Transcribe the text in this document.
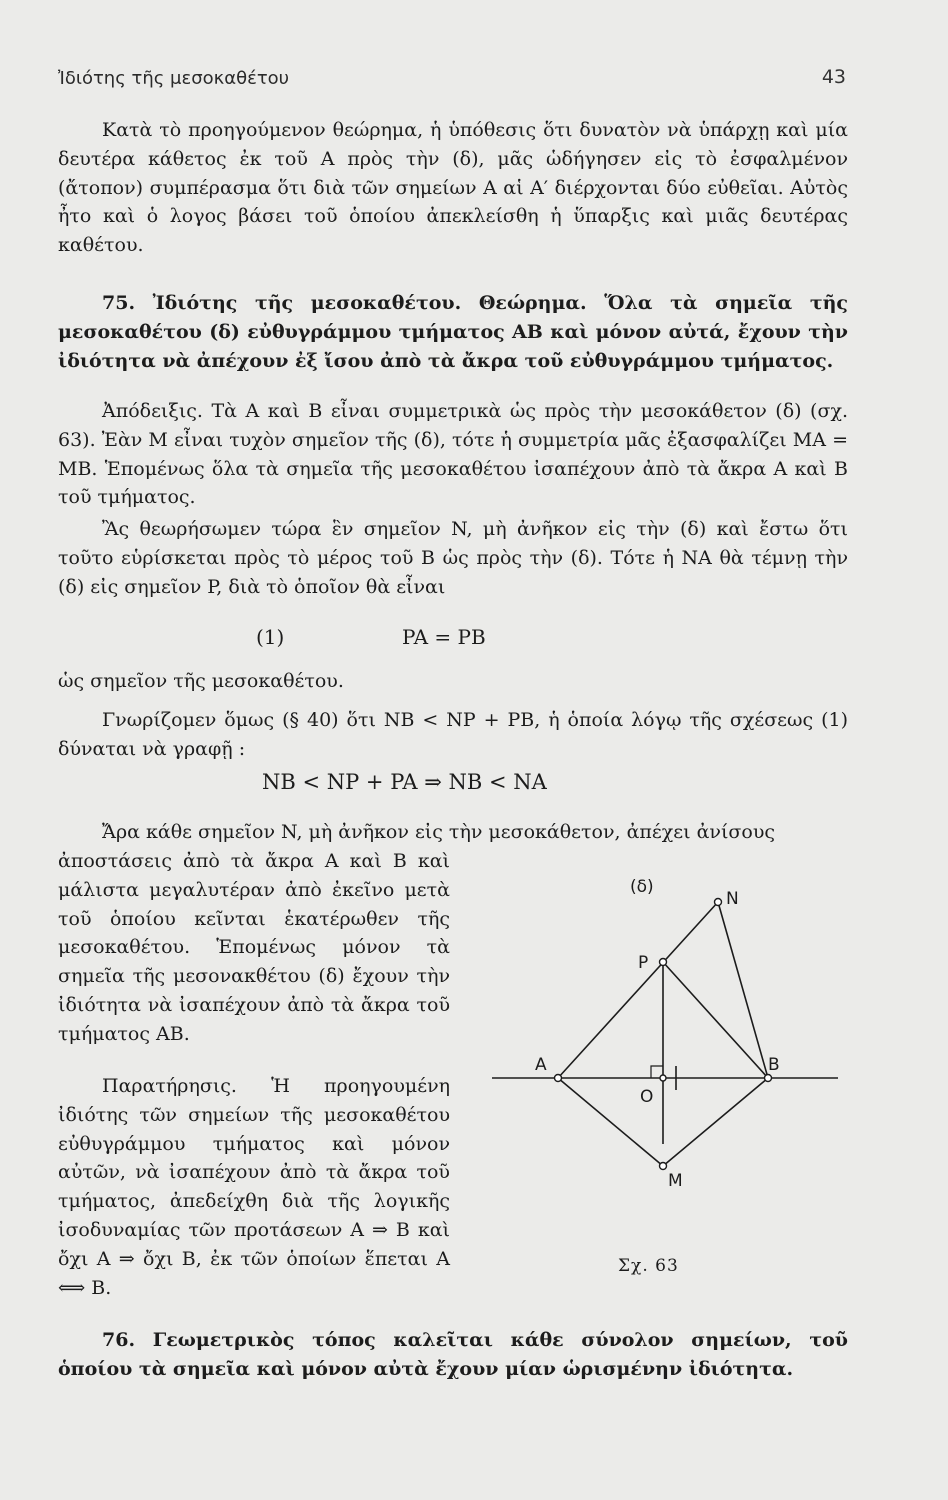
Ἰδιότης τῆς μεσοκαθέτου	43

Κατὰ τὸ προηγούμενον θεώρημα, ἡ ὑπόθεσις ὅτι δυνατὸν νὰ ὑπάρχῃ καὶ μία δευτέρα κάθετος ἐκ τοῦ A πρὸς τὴν (δ), μᾶς ὡδήγησεν εἰς τὸ ἐσφαλμένον (ἄτοπον) συμπέρασμα ὅτι διὰ τῶν σημείων A αἱ A′ διέρχονται δύο εὐθεῖαι. Αὐτὸς ἦτο καὶ ὁ λογος βάσει τοῦ ὁποίου ἀπεκλείσθη ἡ ὕπαρξις καὶ μιᾶς δευτέρας καθέτου.

75. Ἰδιότης τῆς μεσοκαθέτου. Θεώρημα. Ὅλα τὰ σημεῖα τῆς μεσοκαθέτου (δ) εὐθυγράμμου τμήματος AB καὶ μόνον αὐτά, ἔχουν τὴν ἰδιότητα νὰ ἀπέχουν ἐξ ἴσου ἀπὸ τὰ ἄκρα τοῦ εὐθυγράμμου τμήματος.

Ἀπόδειξις. Τὰ A καὶ B εἶναι συμμετρικὰ ὡς πρὸς τὴν μεσοκάθετον (δ) (σχ. 63). Ἐὰν M εἶναι τυχὸν σημεῖον τῆς (δ), τότε ἡ συμμετρία μᾶς ἐξασφαλίζει MA = MB. Ἑπομένως ὅλα τὰ σημεῖα τῆς μεσοκαθέτου ἰσαπέχουν ἀπὸ τὰ ἄκρα A καὶ B τοῦ τμήματος.

Ἂς θεωρήσωμεν τώρα ἓν σημεῖον N, μὴ ἀνῆκον εἰς τὴν (δ) καὶ ἔστω ὅτι τοῦτο εὑρίσκεται πρὸς τὸ μέρος τοῦ B ὡς πρὸς τὴν (δ). Τότε ἡ NA θὰ τέμνῃ τὴν (δ) εἰς σημεῖον P, διὰ τὸ ὁποῖον θὰ εἶναι

(1)	PA = PB

ὡς σημεῖον τῆς μεσοκαθέτου.

Γνωρίζομεν ὅμως (§ 40) ὅτι NB < NP + PB, ἡ ὁποία λόγῳ τῆς σχέσεως (1) δύναται νὰ γραφῇ :

NB < NP + PA ⇒ NB < NA

Ἄρα κάθε σημεῖον N, μὴ ἀνῆκον εἰς τὴν μεσοκάθετον, ἀπέχει ἀνίσους

ἀποστάσεις ἀπὸ τὰ ἄκρα A καὶ B καὶ μάλιστα μεγαλυτέραν ἀπὸ ἐκεῖνο μετὰ τοῦ ὁποίου κεῖνται ἑκατέρωθεν τῆς μεσοκαθέτου. Ἑπομένως μόνον τὰ σημεῖα τῆς μεσονακθέτου (δ) ἔχουν τὴν ἰδιότητα νὰ ἰσαπέχουν ἀπὸ τὰ ἄκρα τοῦ τμήματος AB.

Παρατήρησις. Ἡ προηγουμένη ἰδιότης τῶν σημείων τῆς μεσοκαθέτου εὐθυγράμμου τμήματος καὶ μόνον αὐτῶν, νὰ ἰσαπέχουν ἀπὸ τὰ ἄκρα τοῦ τμήματος, ἀπεδείχθη διὰ τῆς λογικῆς ἰσοδυναμίας τῶν προτάσεων A ⇒ B καὶ ὄχι A ⇒ ὄχι B, ἐκ τῶν ὁποίων ἕπεται A ⟺ B.

76. Γεωμετρικὸς τόπος καλεῖται κάθε σύνολον σημείων, τοῦ ὁποίου τὰ σημεῖα καὶ μόνον αὐτὰ ἔχουν μίαν ὡρισμένην ἰδιότητα.

(δ)
N
P
A	B
O
M
Σχ. 63
